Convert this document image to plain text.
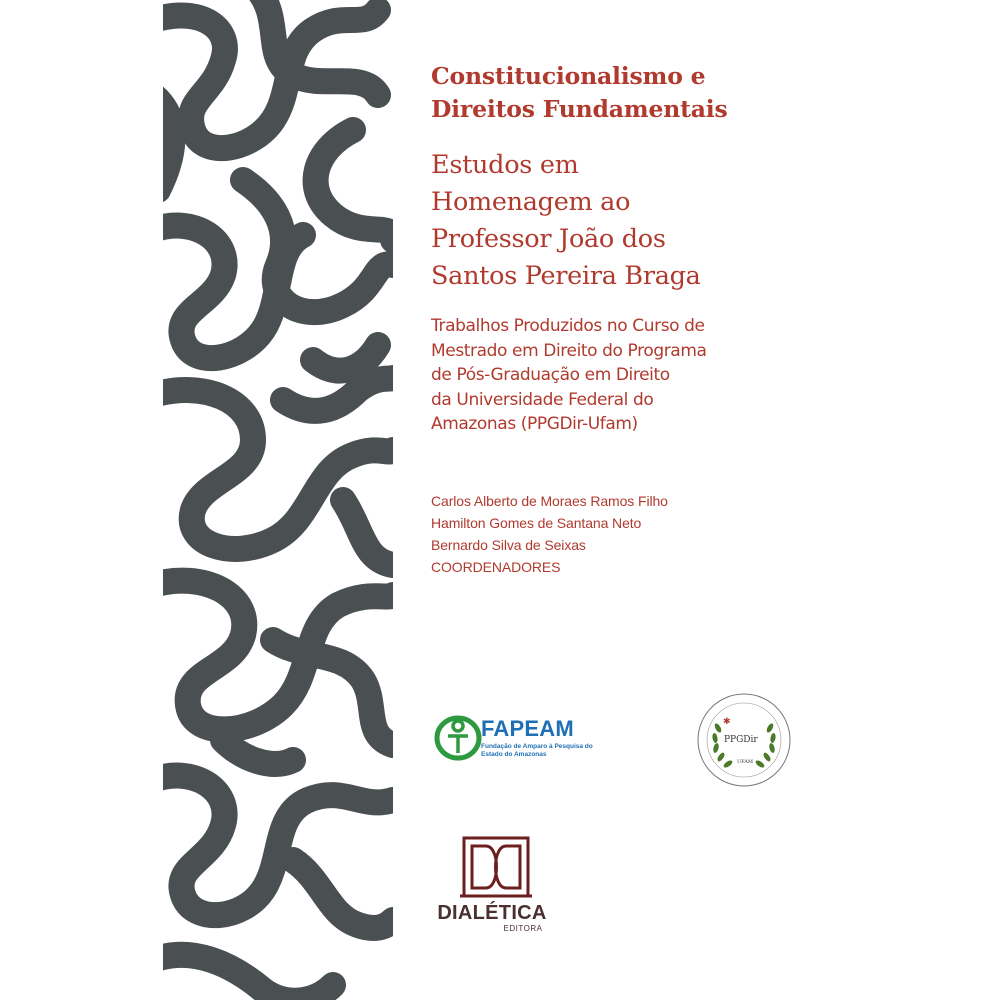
Constitucionalismo e
Direitos Fundamentais
Estudos em
Homenagem ao
Professor João dos
Santos Pereira Braga
Trabalhos Produzidos no Curso de
Mestrado em Direito do Programa
de Pós-Graduação em Direito
da Universidade Federal do
Amazonas (PPGDir-Ufam)
Carlos Alberto de Moraes Ramos Filho
Hamilton Gomes de Santana Neto
Bernardo Silva de Seixas
COORDENADORES
FAPEAM
Fundação de Amparo à Pesquisa do Estado do Amazonas
✱
PPGDir
UFAM
DIALÉTICA
EDITORA
